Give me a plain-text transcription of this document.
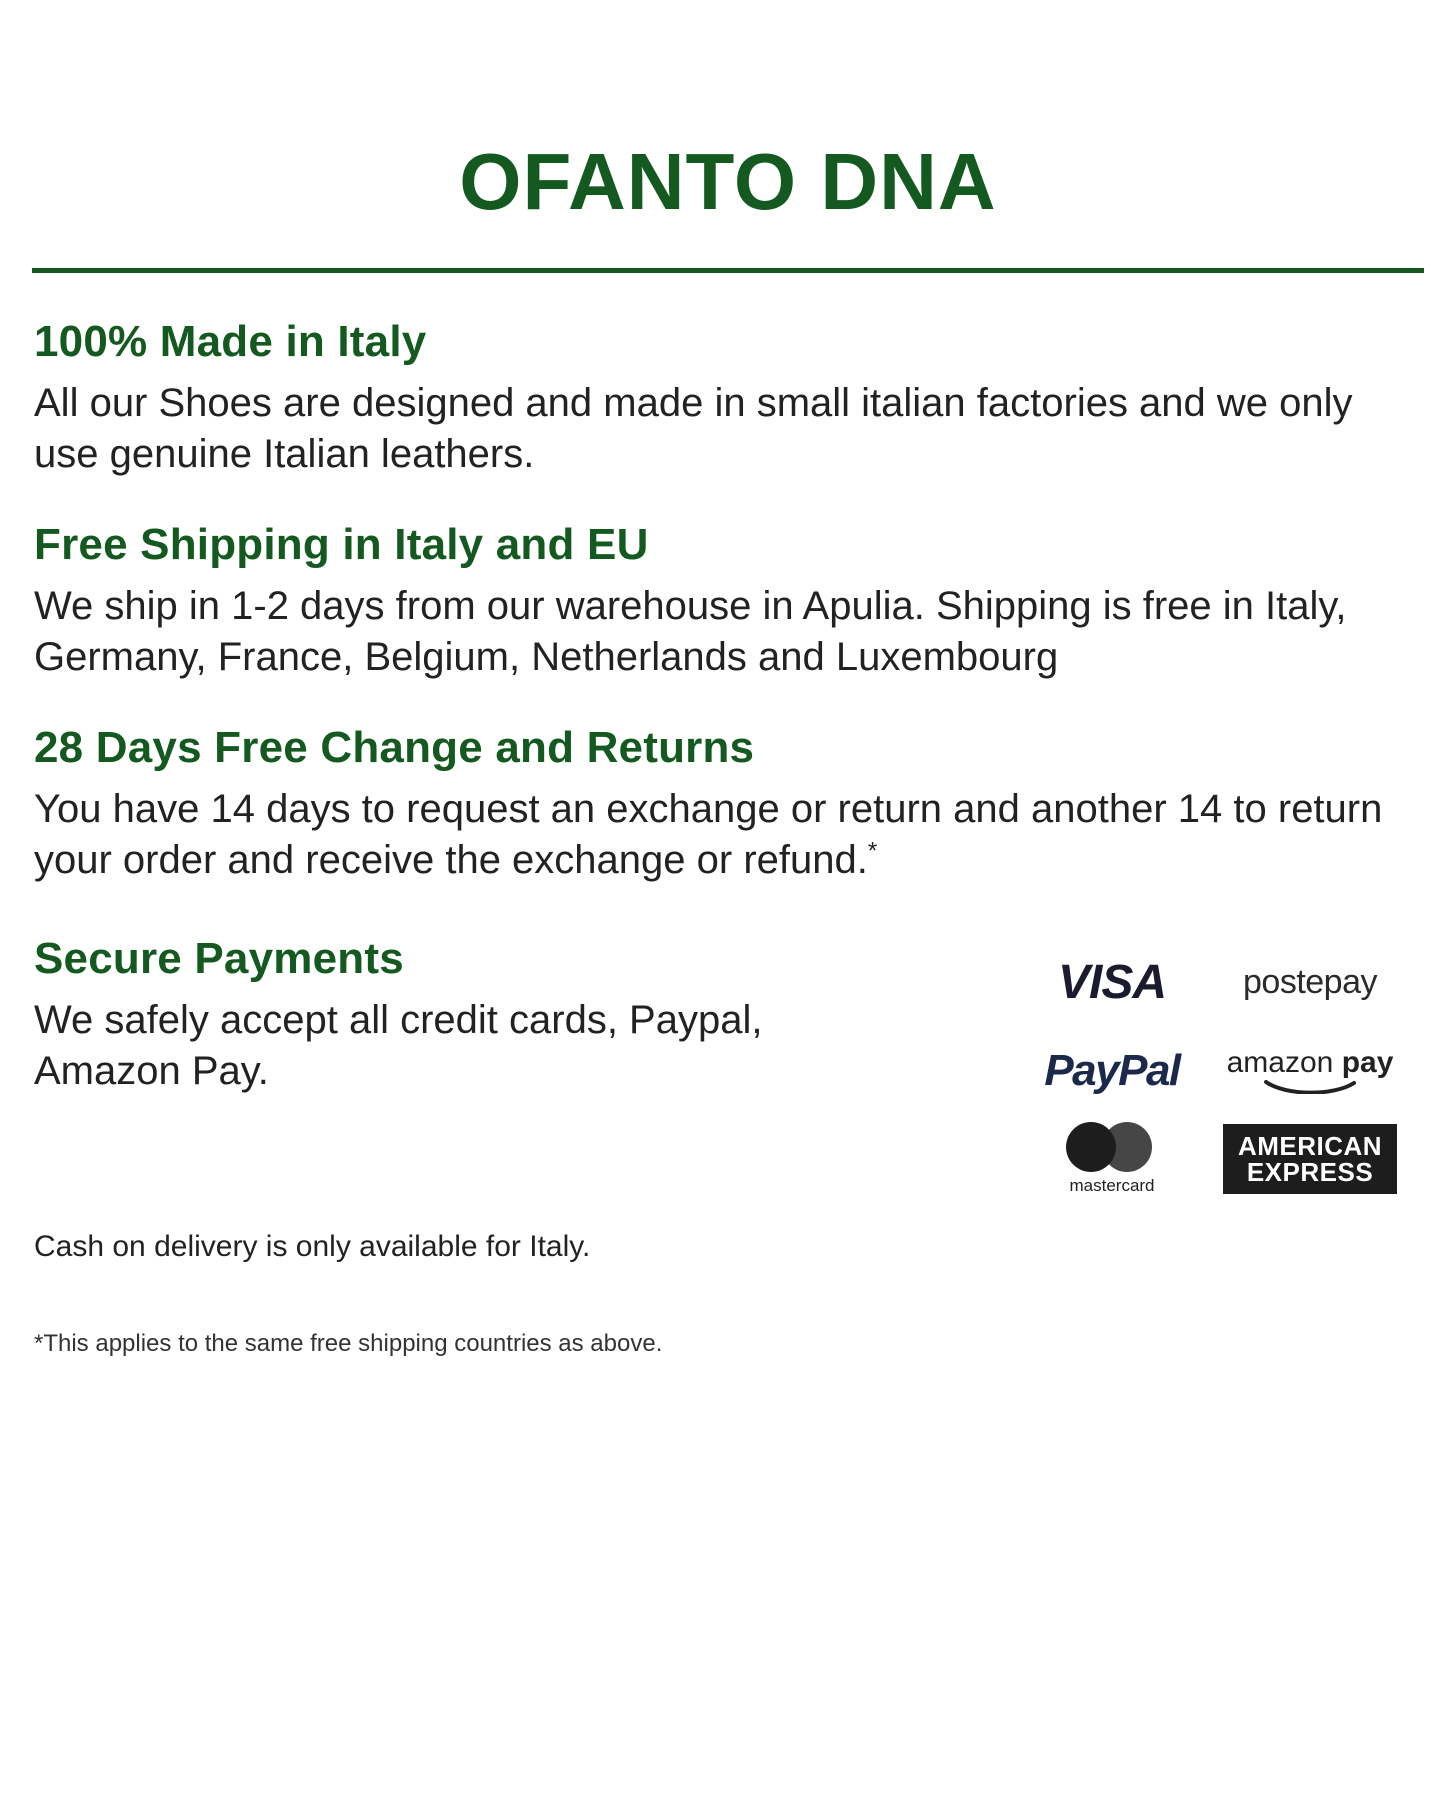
OFANTO DNA
100% Made in Italy

All our Shoes are designed and made in small italian factories and we only use genuine Italian leathers.

Free Shipping in Italy and EU

We ship in 1-2 days from our warehouse in Apulia. Shipping is free in Italy, Germany, France, Belgium, Netherlands and Luxembourg

28 Days Free Change and Returns

You have 14 days to request an exchange or return and another 14 to return your order and receive the exchange or refund.*

Secure Payments

We safely accept all credit cards, Paypal, Amazon Pay.

VISA postepay
PayPal amazon pay
mastercard
AMERICAN
EXPRESS
Cash on delivery is only available for Italy.
*This applies to the same free shipping countries as above.
